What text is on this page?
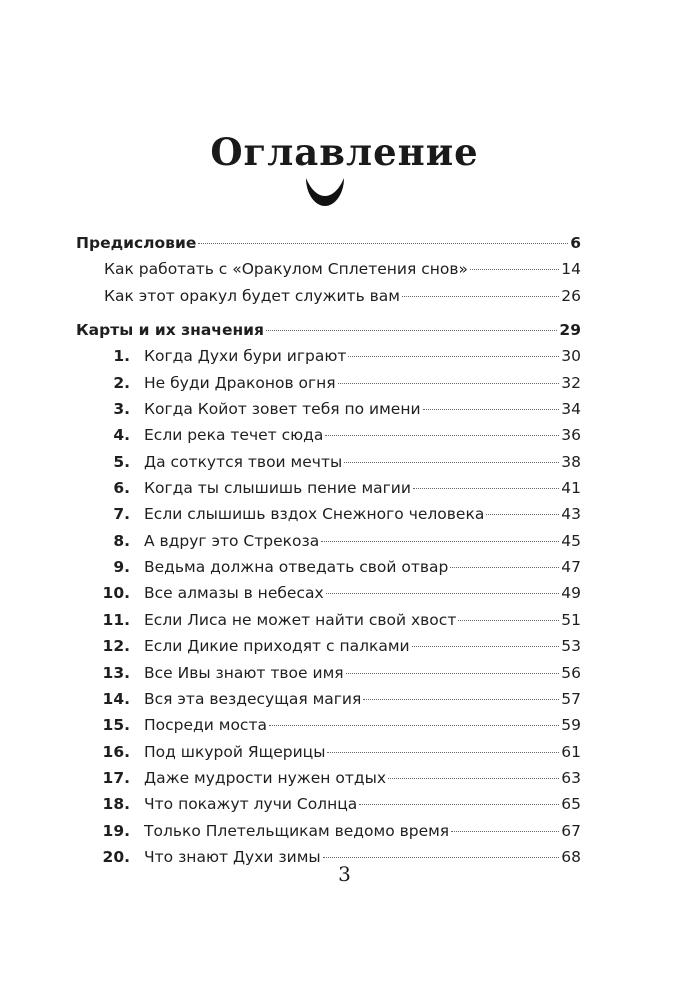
Оглавление
Предисловие	6
Как работать с «Оракулом Сплетения снов»	14
Как этот оракул будет служить вам	26
Карты и их значения	29
1. Когда Духи бури играют	30
2. Не буди Драконов огня	32
3. Когда Койот зовет тебя по имени	34
4. Если река течет сюда	36
5. Да соткутся твои мечты	38
6. Когда ты слышишь пение магии	41
7. Если слышишь вздох Снежного человека	43
8. А вдруг это Стрекоза	45
9. Ведьма должна отведать свой отвар	47
10. Все алмазы в небесах	49
11. Если Лиса не может найти свой хвост	51
12. Если Дикие приходят с палками	53
13. Все Ивы знают твое имя	56
14. Вся эта вездесущая магия	57
15. Посреди моста	59
16. Под шкурой Ящерицы	61
17. Даже мудрости нужен отдых	63
18. Что покажут лучи Солнца	65
19. Только Плетельщикам ведомо время	67
20. Что знают Духи зимы	68
3
